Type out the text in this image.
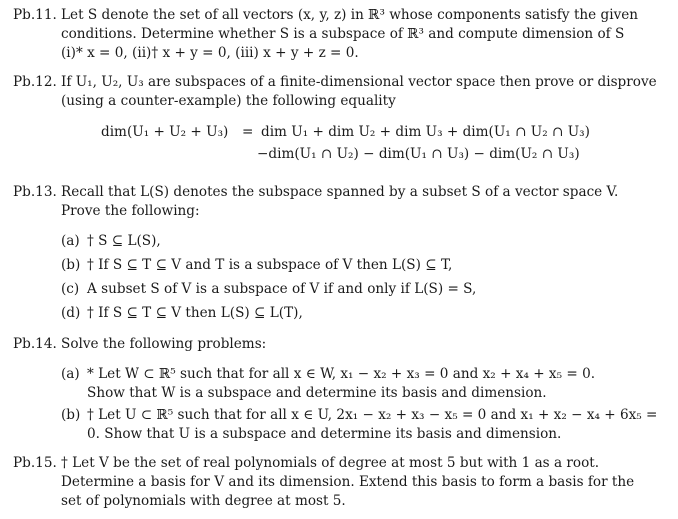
Pb.11. Let S denote the set of all vectors (x, y, z) in ℝ³ whose components satisfy the given
conditions. Determine whether S is a subspace of ℝ³ and compute dimension of S
(i)* x = 0, (ii)† x + y = 0, (iii) x + y + z = 0.
Pb.12. If U₁, U₂, U₃ are subspaces of a finite-dimensional vector space then prove or disprove
(using a counter-example) the following equality
dim(U₁ + U₂ + U₃) = dim U₁ + dim U₂ + dim U₃ + dim(U₁ ∩ U₂ ∩ U₃)
−dim(U₁ ∩ U₂) − dim(U₁ ∩ U₃) − dim(U₂ ∩ U₃)
Pb.13. Recall that L(S) denotes the subspace spanned by a subset S of a vector space V.
Prove the following:
(a) † S ⊆ L(S),
(b) † If S ⊆ T ⊆ V and T is a subspace of V then L(S) ⊆ T,
(c) A subset S of V is a subspace of V if and only if L(S) = S,
(d) † If S ⊆ T ⊆ V then L(S) ⊆ L(T),
Pb.14. Solve the following problems:
(a) * Let W ⊂ ℝ⁵ such that for all x ∈ W, x₁ − x₂ + x₃ = 0 and x₂ + x₄ + x₅ = 0.
Show that W is a subspace and determine its basis and dimension.
(b) † Let U ⊂ ℝ⁵ such that for all x ∈ U, 2x₁ − x₂ + x₃ − x₅ = 0 and x₁ + x₂ − x₄ + 6x₅ =
0. Show that U is a subspace and determine its basis and dimension.
Pb.15. † Let V be the set of real polynomials of degree at most 5 but with 1 as a root.
Determine a basis for V and its dimension. Extend this basis to form a basis for the
set of polynomials with degree at most 5.
